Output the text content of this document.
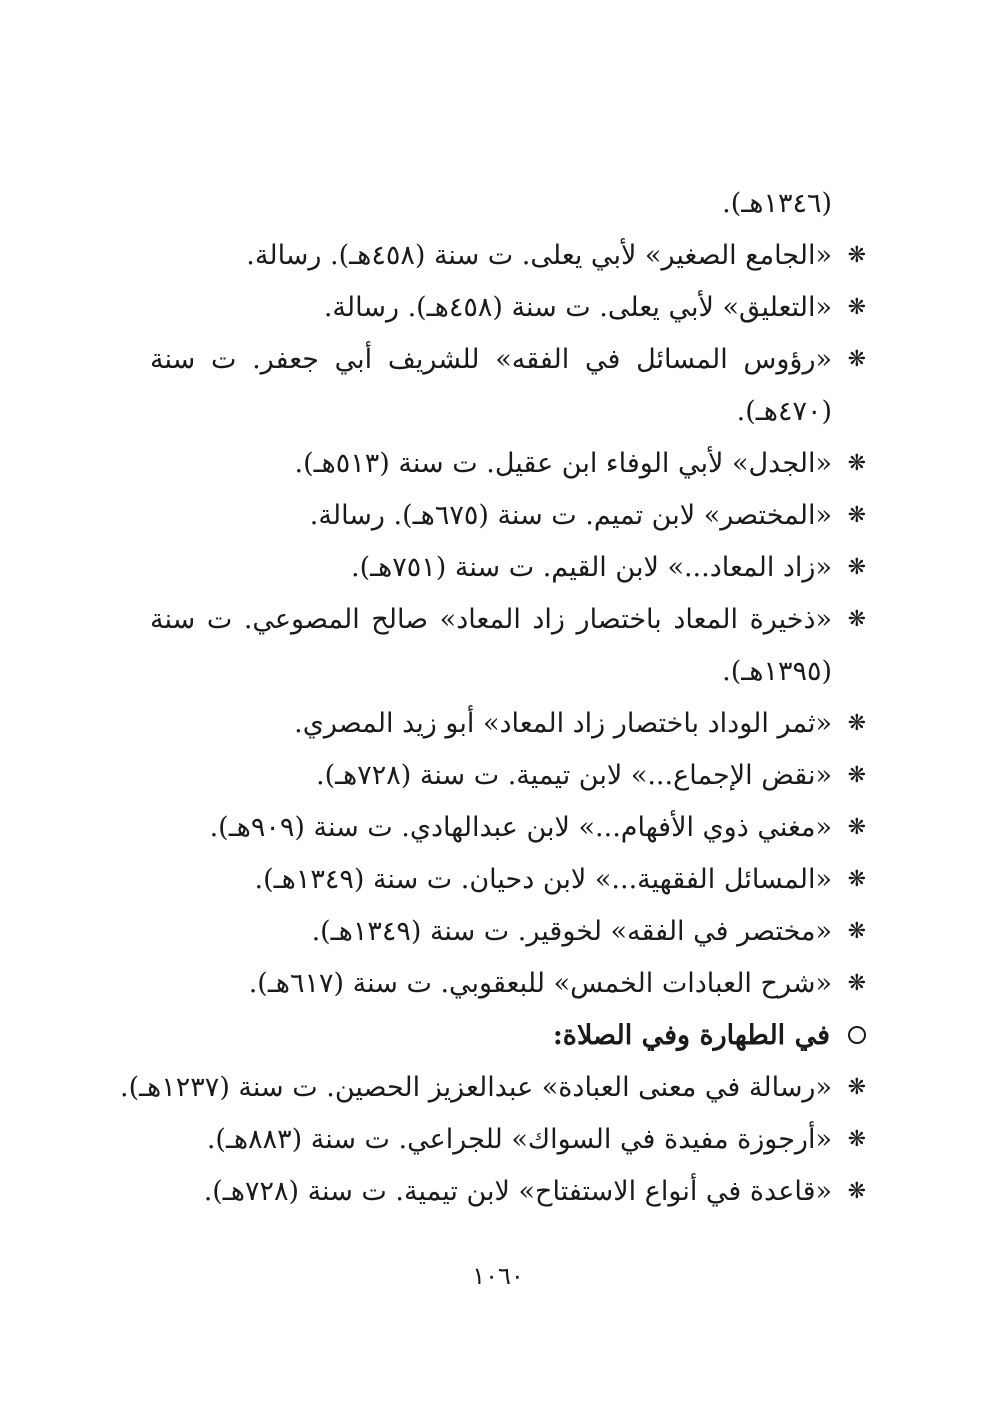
(١٣٤٦هـ).
❋«الجامع الصغير» لأبي يعلى. ت سنة (٤٥٨هـ). رسالة.
❋«التعليق» لأبي يعلى. ت سنة (٤٥٨هـ). رسالة.
❋«رؤوس المسائل في الفقه» للشريف أبي جعفر. ت سنة
(٤٧٠هـ).
❋«الجدل» لأبي الوفاء ابن عقيل. ت سنة (٥١٣هـ).
❋«المختصر» لابن تميم. ت سنة (٦٧٥هـ). رسالة.
❋«زاد المعاد...» لابن القيم. ت سنة (٧٥١هـ).
❋«ذخيرة المعاد باختصار زاد المعاد» صالح المصوعي. ت سنة
(١٣٩٥هـ).
❋«ثمر الوداد باختصار زاد المعاد» أبو زيد المصري.
❋«نقض الإجماع...» لابن تيمية. ت سنة (٧٢٨هـ).
❋«مغني ذوي الأفهام...» لابن عبدالهادي. ت سنة (٩٠٩هـ).
❋«المسائل الفقهية...» لابن دحيان. ت سنة (١٣٤٩هـ).
❋«مختصر في الفقه» لخوقير. ت سنة (١٣٤٩هـ).
❋«شرح العبادات الخمس» للبعقوبي. ت سنة (٦١٧هـ).
في الطهارة وفي الصلاة:
❋«رسالة في معنى العبادة» عبدالعزيز الحصين. ت سنة (١٢٣٧هـ).
❋«أرجوزة مفيدة في السواك» للجراعي. ت سنة (٨٨٣هـ).
❋«قاعدة في أنواع الاستفتاح» لابن تيمية. ت سنة (٧٢٨هـ).
١٠٦٠
